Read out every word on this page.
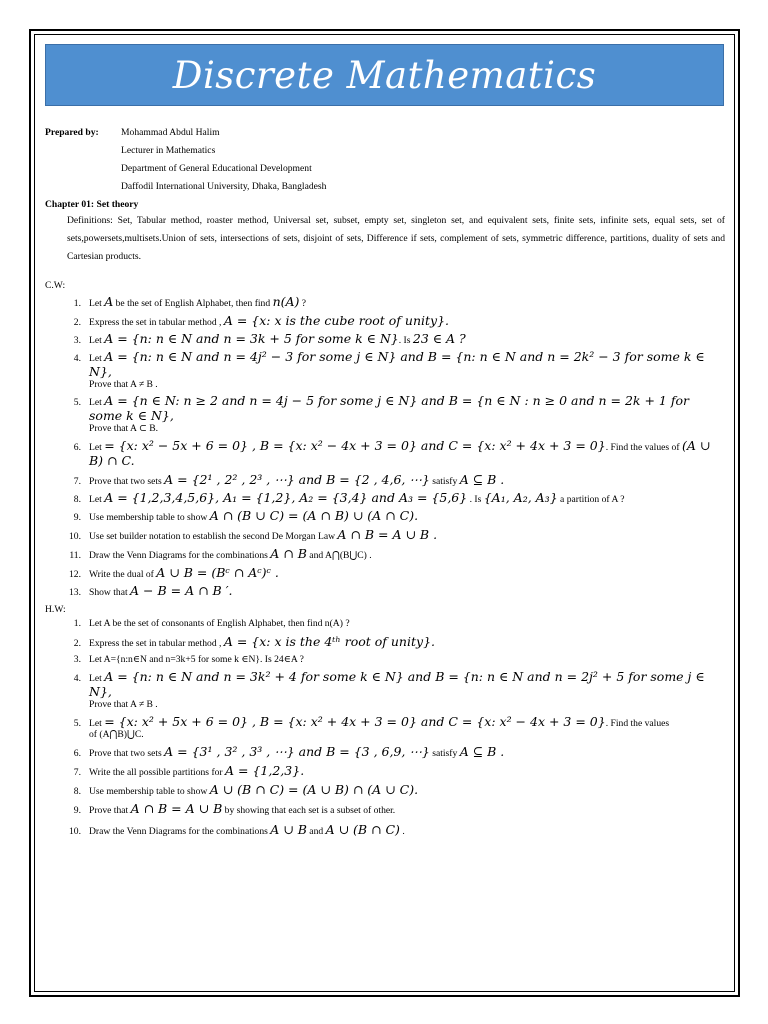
Discrete Mathematics
Prepared by:	Mohammad Abdul Halim
Lecturer in Mathematics
Department of General Educational Development
Daffodil International University, Dhaka, Bangladesh
Chapter 01: Set theory
Definitions: Set, Tabular method, roaster method, Universal set, subset, empty set, singleton set, and equivalent sets, finite sets, infinite sets, equal sets, set of sets,powersets,multisets.Union of sets, intersections of sets, disjoint of sets, Difference if sets, complement of sets, symmetric difference, partitions, duality of sets and Cartesian products.
C.W:
1. Let A be the set of English Alphabet, then find n(A) ?
2. Express the set in tabular method , A = {x: x is the cube root of unity}.
3. Let A = {n: n ∈ N and n = 3k + 5 for some k ∈ N}. Is 23 ∈ A ?
4. Let A = {n: n ∈ N and n = 4j² − 3 for some j ∈ N} and B = {n: n ∈ N and n = 2k² − 3 for some k ∈ N},
Prove that A ≠ B .
5. Let A = {n ∈ N: n ≥ 2 and n = 4j − 5 for some j ∈ N} and B = {n ∈ N : n ≥ 0 and n = 2k + 1 for some k ∈ N},
Prove that A ⊂ B.
6. Let = {x: x² − 5x + 6 = 0} , B = {x: x² − 4x + 3 = 0} and C = {x: x² + 4x + 3 = 0}. Find the values of (A ∪ B) ∩ C.
7. Prove that two sets A = {2¹ , 2² , 2³ , ⋯} and B = {2 , 4,6, ⋯} satisfy A ⊆ B .
8. Let A = {1,2,3,4,5,6}, A₁ = {1,2}, A₂ = {3,4} and A₃ = {5,6} . Is {A₁, A₂, A₃} a partition of A ?
9. Use membership table to show A ∩ (B ∪ C) = (A ∩ B) ∪ (A ∩ C).
10. Use set builder notation to establish the second De Morgan Law A ∩ B = A ∪ B .
11. Draw the Venn Diagrams for the combinations A ∩ B and A⋂(B⋃C) .
12. Write the dual of A ∪ B = (Bᶜ ∩ Aᶜ)ᶜ .
13. Show that A − B = A ∩ B ′.
H.W:
1. Let A be the set of consonants of English Alphabet, then find n(A) ?
2. Express the set in tabular method , A = {x: x is the 4ᵗʰ root of unity}.
3. Let A={n:n∈N and n=3k+5 for some k ∈N}. Is 24∈A ?
4. Let A = {n: n ∈ N and n = 3k² + 4 for some k ∈ N} and B = {n: n ∈ N and n = 2j² + 5 for some j ∈ N},
Prove that A ≠ B .
5. Let = {x: x² + 5x + 6 = 0} , B = {x: x² + 4x + 3 = 0} and C = {x: x² − 4x + 3 = 0}. Find the values
of (A⋂B)⋃C.
6. Prove that two sets A = {3¹ , 3² , 3³ , ⋯} and B = {3 , 6,9, ⋯} satisfy A ⊆ B .
7. Write the all possible partitions for A = {1,2,3}.
8. Use membership table to show A ∪ (B ∩ C) = (A ∪ B) ∩ (A ∪ C).
9. Prove that A ∩ B = A ∪ B by showing that each set is a subset of other.
10. Draw the Venn Diagrams for the combinations A ∪ B and A ∪ (B ∩ C) .
